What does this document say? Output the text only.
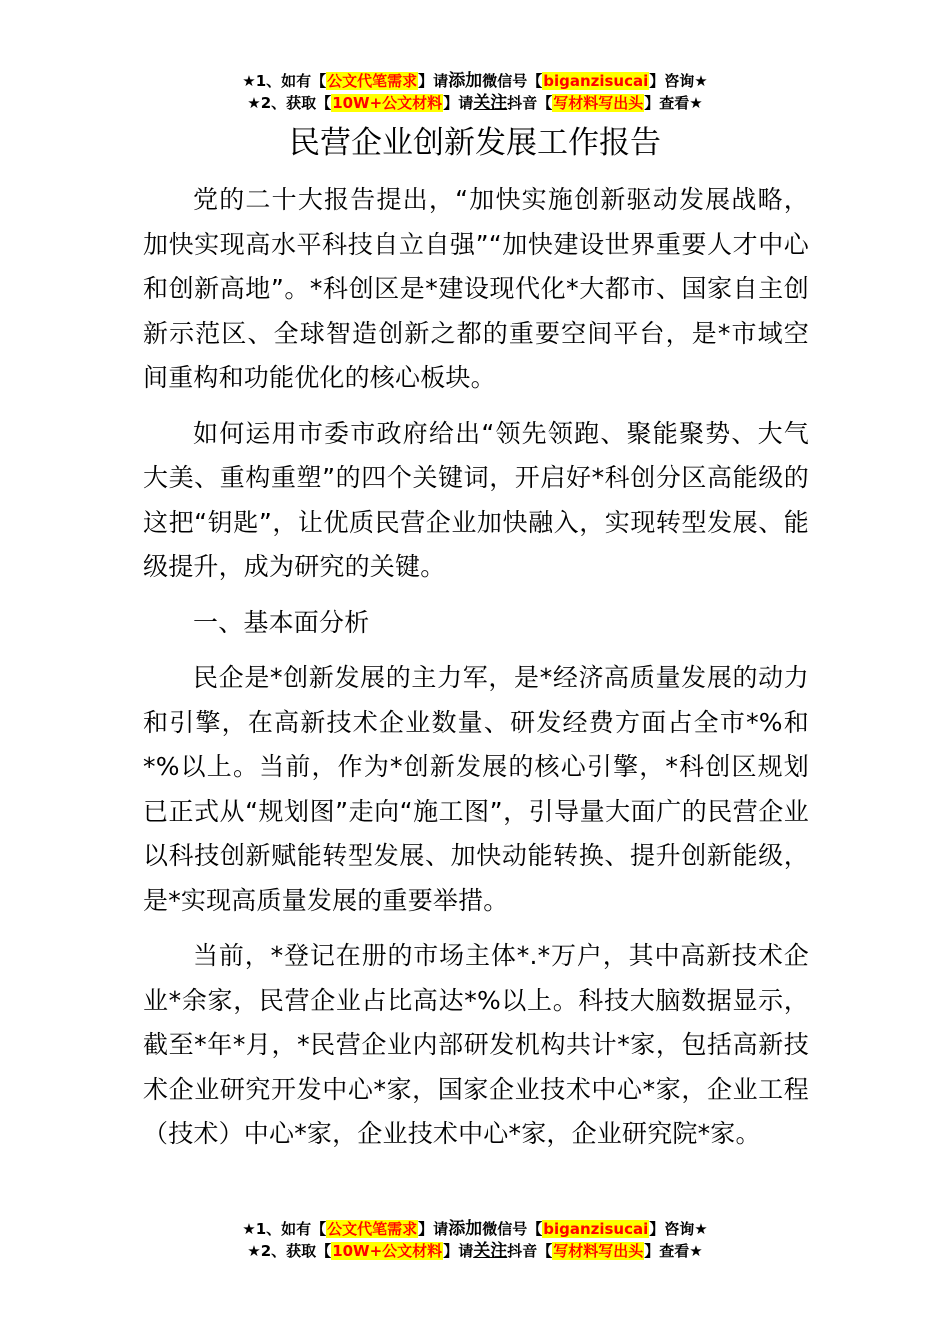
★1、如有【公文代笔需求】请添加微信号【biganzisucai】咨询★
★2、获取【10W+公文材料】请关注抖音【写材料写出头】查看★
民营企业创新发展工作报告

党的二十大报告提出，“加快实施创新驱动发展战略，加快实现高水平科技自立自强”“加快建设世界重要人才中心和创新高地”。*科创区是*建设现代化*大都市、国家自主创新示范区、全球智造创新之都的重要空间平台，是*市域空间重构和功能优化的核心板块。

如何运用市委市政府给出“领先领跑、聚能聚势、大气大美、重构重塑”的四个关键词，开启好*科创分区高能级的这把“钥匙”，让优质民营企业加快融入，实现转型发展、能级提升，成为研究的关键。

一、基本面分析

民企是*创新发展的主力军，是*经济高质量发展的动力和引擎，在高新技术企业数量、研发经费方面占全市*%和*%以上。当前，作为*创新发展的核心引擎，*科创区规划已正式从“规划图”走向“施工图”，引导量大面广的民营企业以科技创新赋能转型发展、加快动能转换、提升创新能级，是*实现高质量发展的重要举措。

当前，*登记在册的市场主体*.*万户，其中高新技术企业*余家，民营企业占比高达*%以上。科技大脑数据显示，截至*年*月，*民营企业内部研发机构共计*家，包括高新技术企业研究开发中心*家，国家企业技术中心*家，企业工程（技术）中心*家，企业技术中心*家，企业研究院*家。

★1、如有【公文代笔需求】请添加微信号【biganzisucai】咨询★
★2、获取【10W+公文材料】请关注抖音【写材料写出头】查看★
